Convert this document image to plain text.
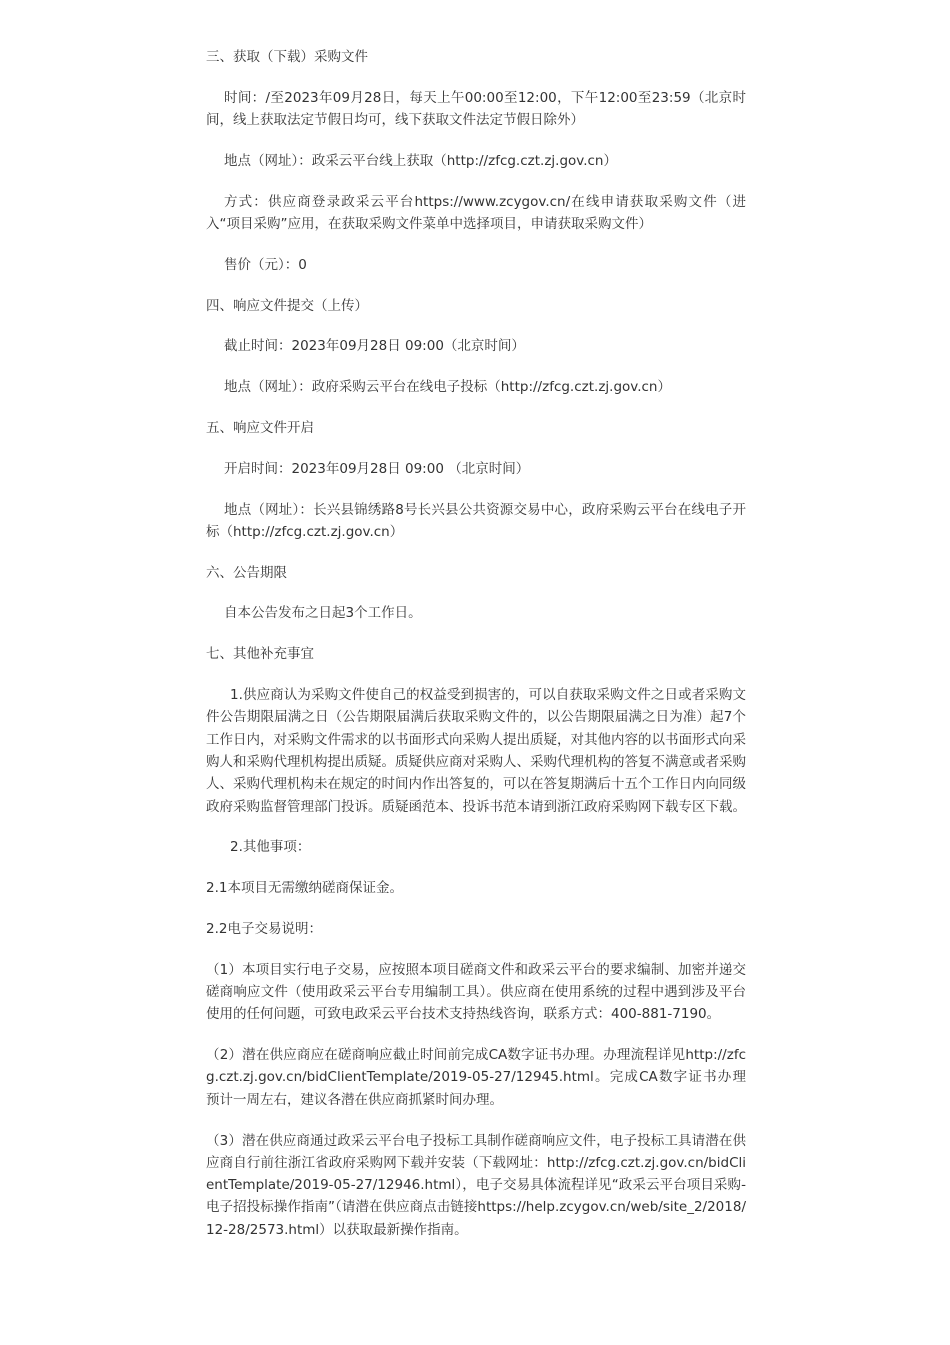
三、获取（下载）采购文件
时间：/至2023年09月28日，每天上午00:00至12:00，下午12:00至23:59（北京时间，线上获取法定节假日均可，线下获取文件法定节假日除外）
地点（网址）：政采云平台线上获取（http://zfcg.czt.zj.gov.cn）
方式：供应商登录政采云平台https://www.zcygov.cn/在线申请获取采购文件（进入“项目采购”应用，在获取采购文件菜单中选择项目，申请获取采购文件）
售价（元）：0
四、响应文件提交（上传）
截止时间：2023年09月28日 09:00（北京时间）
地点（网址）：政府采购云平台在线电子投标（http://zfcg.czt.zj.gov.cn）
五、响应文件开启
开启时间：2023年09月28日 09:00 （北京时间）
地点（网址）：长兴县锦绣路8号长兴县公共资源交易中心，政府采购云平台在线电子开标（http://zfcg.czt.zj.gov.cn）
六、公告期限
自本公告发布之日起3个工作日。
七、其他补充事宜
1.供应商认为采购文件使自己的权益受到损害的，可以自获取采购文件之日或者采购文件公告期限届满之日（公告期限届满后获取采购文件的，以公告期限届满之日为准）起7个工作日内，对采购文件需求的以书面形式向采购人提出质疑，对其他内容的以书面形式向采购人和采购代理机构提出质疑。质疑供应商对采购人、采购代理机构的答复不满意或者采购人、采购代理机构未在规定的时间内作出答复的，可以在答复期满后十五个工作日内向同级政府采购监督管理部门投诉。质疑函范本、投诉书范本请到浙江政府采购网下载专区下载。
2.其他事项：
2.1本项目无需缴纳磋商保证金。
2.2电子交易说明：
（1）本项目实行电子交易，应按照本项目磋商文件和政采云平台的要求编制、加密并递交磋商响应文件（使用政采云平台专用编制工具）。供应商在使用系统的过程中遇到涉及平台使用的任何问题，可致电政采云平台技术支持热线咨询，联系方式：400-881-7190。
（2）潜在供应商应在磋商响应截止时间前完成CA数字证书办理。办理流程详见http://zfcg.czt.zj.gov.cn/bidClientTemplate/2019-05-27/12945.html。完成CA数字证书办理预计一周左右，建议各潜在供应商抓紧时间办理。
（3）潜在供应商通过政采云平台电子投标工具制作磋商响应文件，电子投标工具请潜在供应商自行前往浙江省政府采购网下载并安装（下载网址：http://zfcg.czt.zj.gov.cn/bidClientTemplate/2019-05-27/12946.html），电子交易具体流程详见“政采云平台项目采购-电子招投标操作指南”（请潜在供应商点击链接https://help.zcygov.cn/web/site_2/2018/12-28/2573.html）以获取最新操作指南。
